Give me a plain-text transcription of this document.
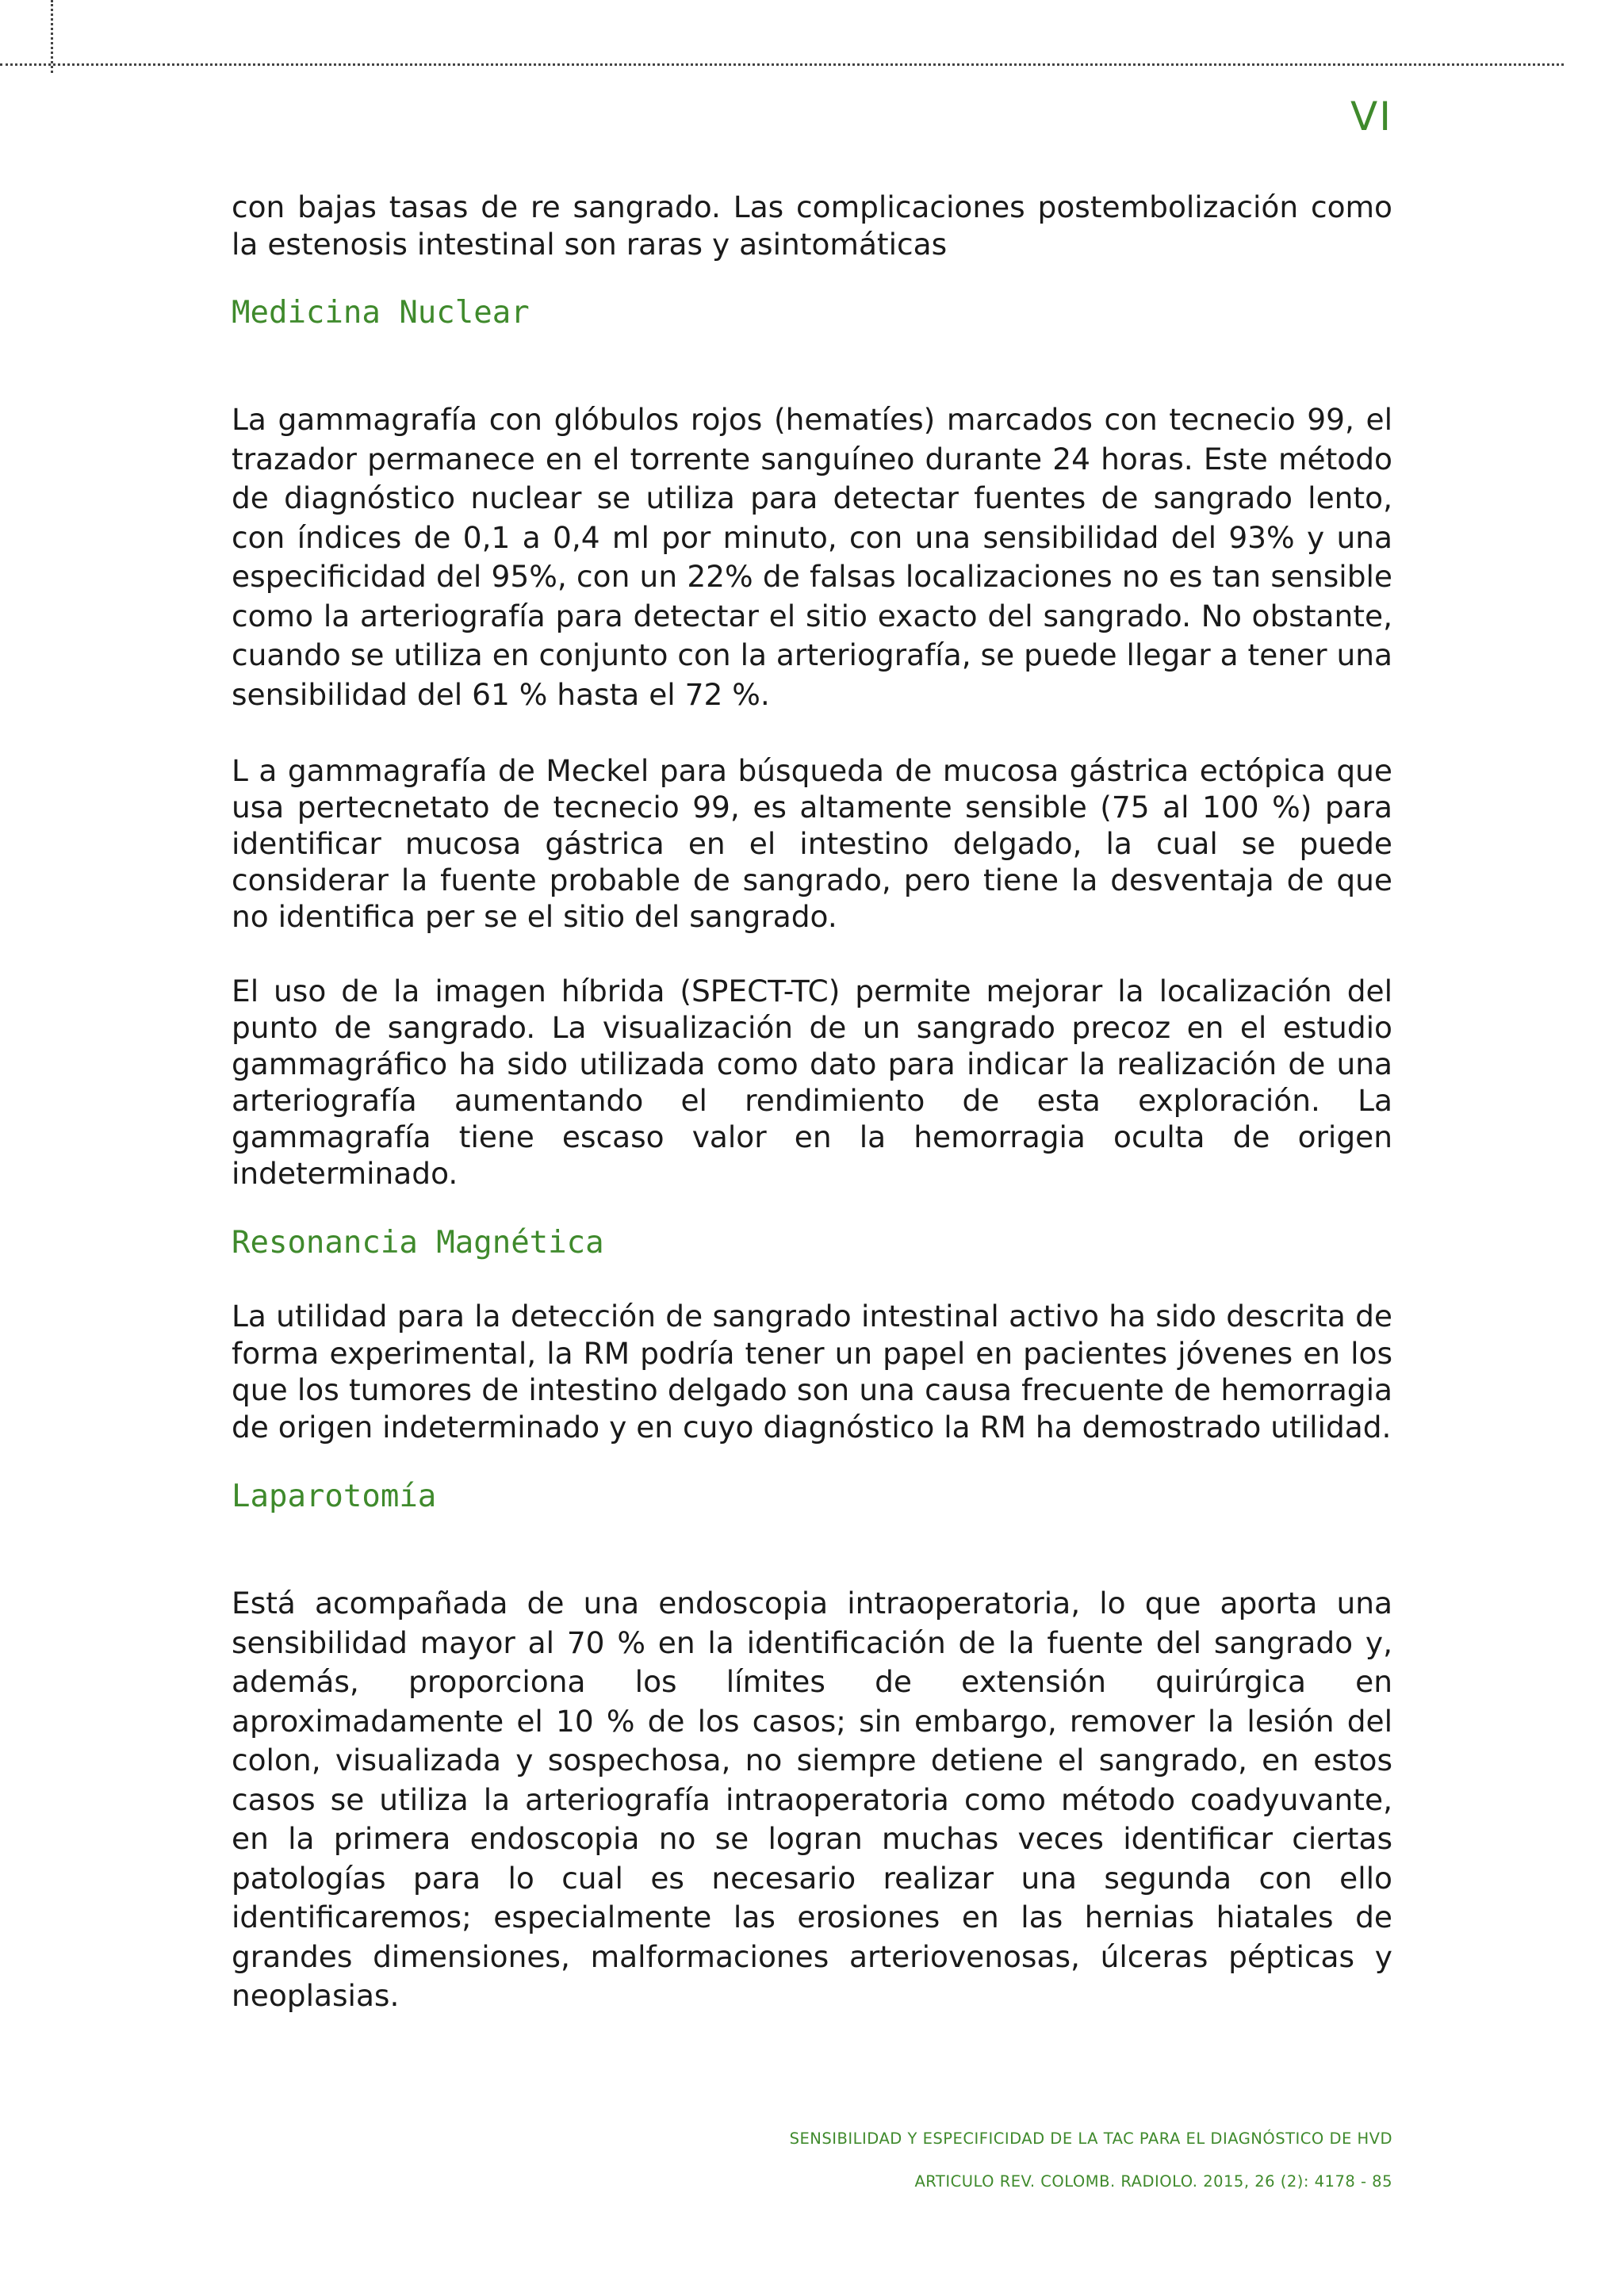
VI

con bajas tasas de re sangrado. Las complicaciones postembolización como la estenosis intestinal son raras y asintomáticas

Medicina Nuclear

La gammagrafía con glóbulos rojos (hematíes) marcados con tecnecio 99, el trazador permanece en el torrente sanguíneo durante 24 horas. Este método de diagnóstico nuclear se utiliza para detectar fuentes de sangrado lento, con índices de 0,1 a 0,4 ml por minuto, con una sensibilidad del 93% y una especificidad del 95%, con un 22% de falsas localizaciones no es tan sensible como la arteriografía para detectar el sitio exacto del sangrado. No obstante, cuando se utiliza en conjunto con la arteriografía, se puede llegar a tener una sensibilidad del 61 % hasta el 72 %.

L a gammagrafía de Meckel para búsqueda de mucosa gástrica ectópica que usa pertecnetato de tecnecio 99, es altamente sensible (75 al 100 %) para identificar mucosa gástrica en el intestino delgado, la cual se puede considerar la fuente probable de sangrado, pero tiene la desventaja de que no identifica per se el sitio del sangrado.

El uso de la imagen híbrida (SPECT-TC) permite mejorar la localización del punto de sangrado. La visualización de un sangrado precoz en el estudio gammagráfico ha sido utilizada como dato para indicar la realización de una arteriografía aumentando el rendimiento de esta exploración. La gammagrafía tiene escaso valor en la hemorragia oculta de origen indeterminado.

Resonancia Magnética

La utilidad para la detección de sangrado intestinal activo ha sido descrita de forma experimental, la RM podría tener un papel en pacientes jóvenes en los que los tumores de intestino delgado son una causa frecuente de hemorragia de origen indeterminado y en cuyo diagnóstico la RM ha demostrado utilidad.

Laparotomía

Está acompañada de una endoscopia intraoperatoria, lo que aporta una sensibilidad mayor al 70 % en la identificación de la fuente del sangrado y, además, proporciona los límites de extensión quirúrgica en aproximadamente el 10 % de los casos; sin embargo, remover la lesión del colon, visualizada y sospechosa, no siempre detiene el sangrado, en estos casos se utiliza la arteriografía intraoperatoria como método coadyuvante, en la primera endoscopia no se logran muchas veces identificar ciertas patologías para lo cual es necesario realizar una segunda con ello identificaremos; especialmente las erosiones en las hernias hiatales de grandes dimensiones, malformaciones arteriovenosas, úlceras pépticas y neoplasias.

SENSIBILIDAD Y ESPECIFICIDAD DE LA TAC PARA EL DIAGNÓSTICO DE HVD
ARTICULO REV. COLOMB. RADIOLO. 2015, 26 (2): 4178 - 85
